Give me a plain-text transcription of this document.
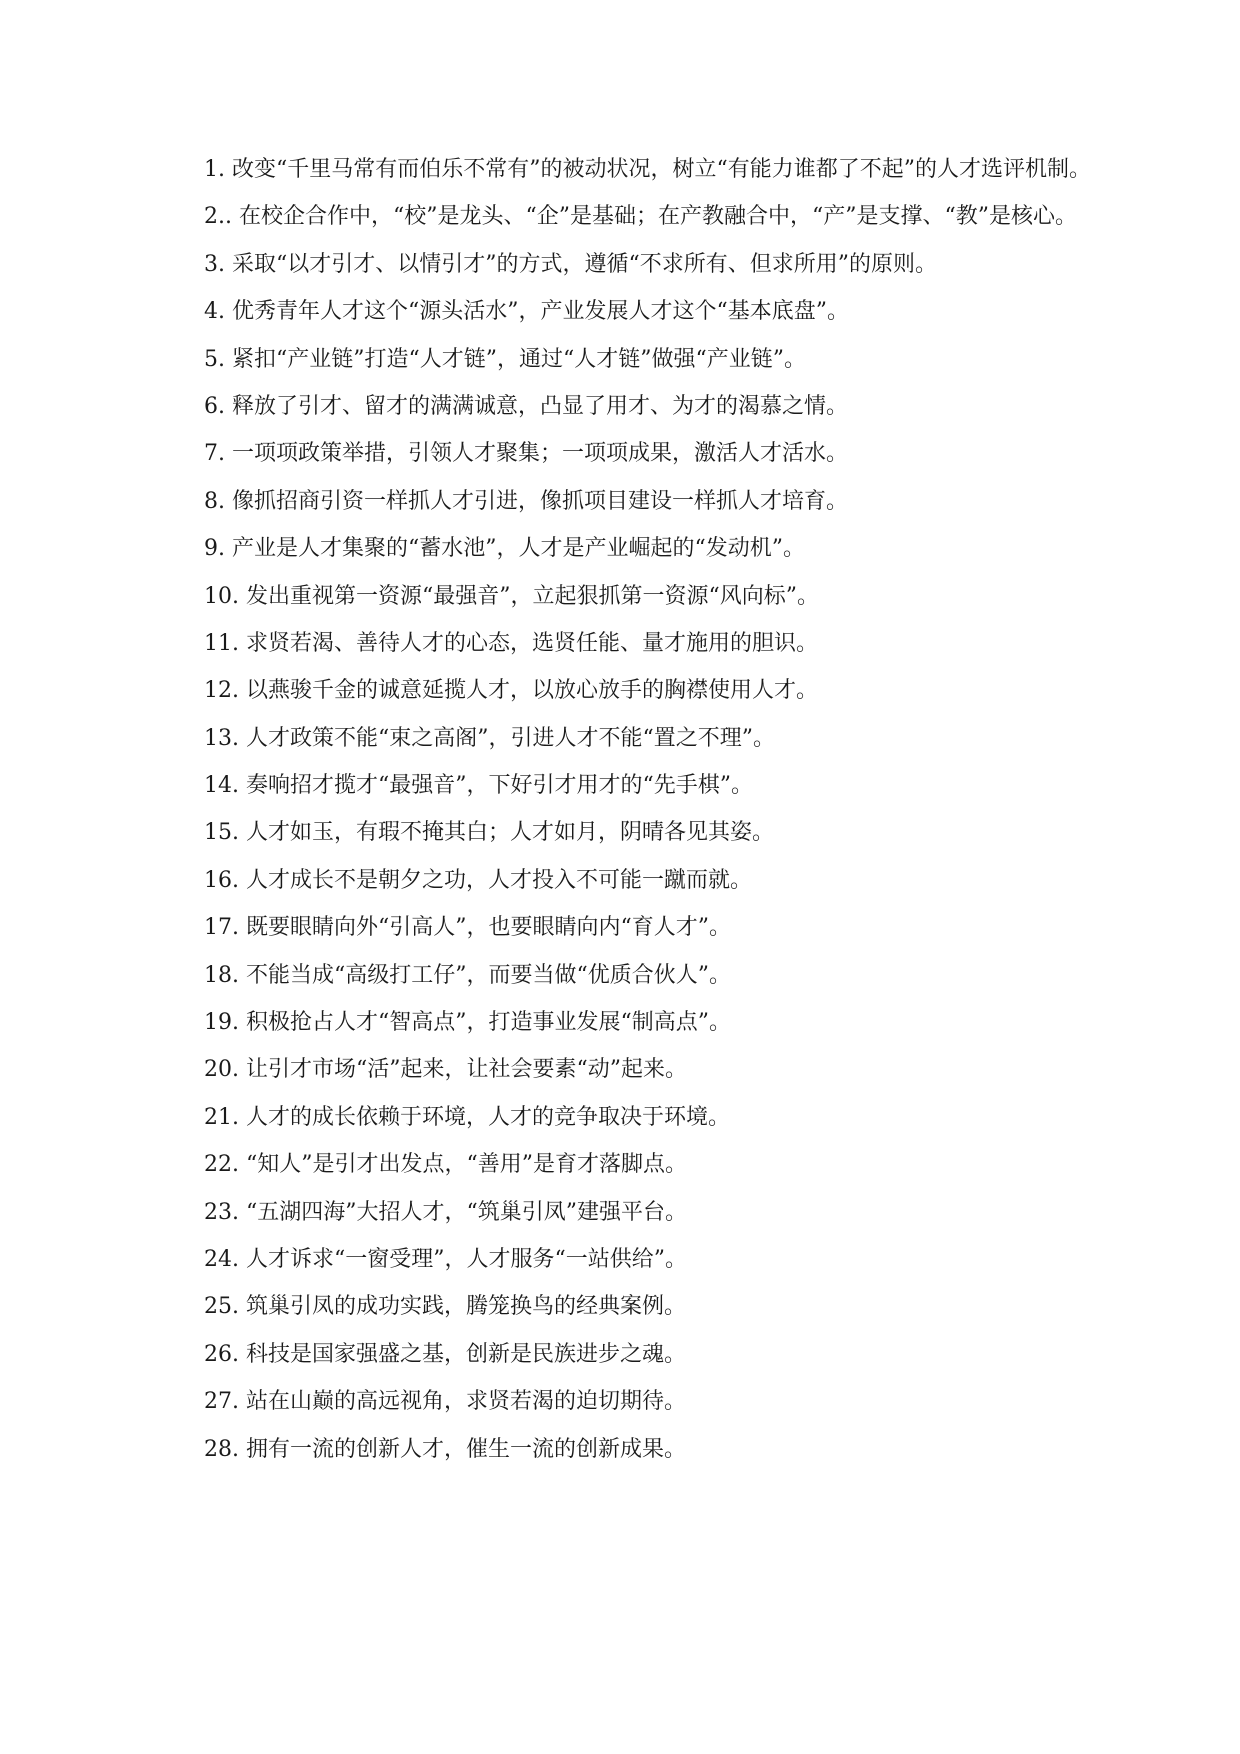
1. 改变“千里马常有而伯乐不常有”的被动状况，树立“有能力谁都了不起”的人才选评机制。

2.. 在校企合作中，“校”是龙头、“企”是基础；在产教融合中，“产”是支撑、“教”是核心。

3. 采取“以才引才、以情引才”的方式，遵循“不求所有、但求所用”的原则。

4. 优秀青年人才这个“源头活水”，产业发展人才这个“基本底盘”。

5. 紧扣“产业链”打造“人才链”，通过“人才链”做强“产业链”。

6. 释放了引才、留才的满满诚意，凸显了用才、为才的渴慕之情。

7. 一项项政策举措，引领人才聚集；一项项成果，激活人才活水。

8. 像抓招商引资一样抓人才引进，像抓项目建设一样抓人才培育。

9. 产业是人才集聚的“蓄水池”，人才是产业崛起的“发动机”。

10. 发出重视第一资源“最强音”，立起狠抓第一资源“风向标”。

11. 求贤若渴、善待人才的心态，选贤任能、量才施用的胆识。

12. 以燕骏千金的诚意延揽人才，以放心放手的胸襟使用人才。

13. 人才政策不能“束之高阁”，引进人才不能“置之不理”。

14. 奏响招才揽才“最强音”，下好引才用才的“先手棋”。

15. 人才如玉，有瑕不掩其白；人才如月，阴晴各见其姿。

16. 人才成长不是朝夕之功，人才投入不可能一蹴而就。

17. 既要眼睛向外“引高人”，也要眼睛向内“育人才”。

18. 不能当成“高级打工仔”，而要当做“优质合伙人”。

19. 积极抢占人才“智高点”，打造事业发展“制高点”。

20. 让引才市场“活”起来，让社会要素“动”起来。

21. 人才的成长依赖于环境，人才的竞争取决于环境。

22. “知人”是引才出发点，“善用”是育才落脚点。

23. “五湖四海”大招人才，“筑巢引凤”建强平台。

24. 人才诉求“一窗受理”，人才服务“一站供给”。

25. 筑巢引凤的成功实践，腾笼换鸟的经典案例。

26. 科技是国家强盛之基，创新是民族进步之魂。

27. 站在山巅的高远视角，求贤若渴的迫切期待。

28. 拥有一流的创新人才，催生一流的创新成果。
